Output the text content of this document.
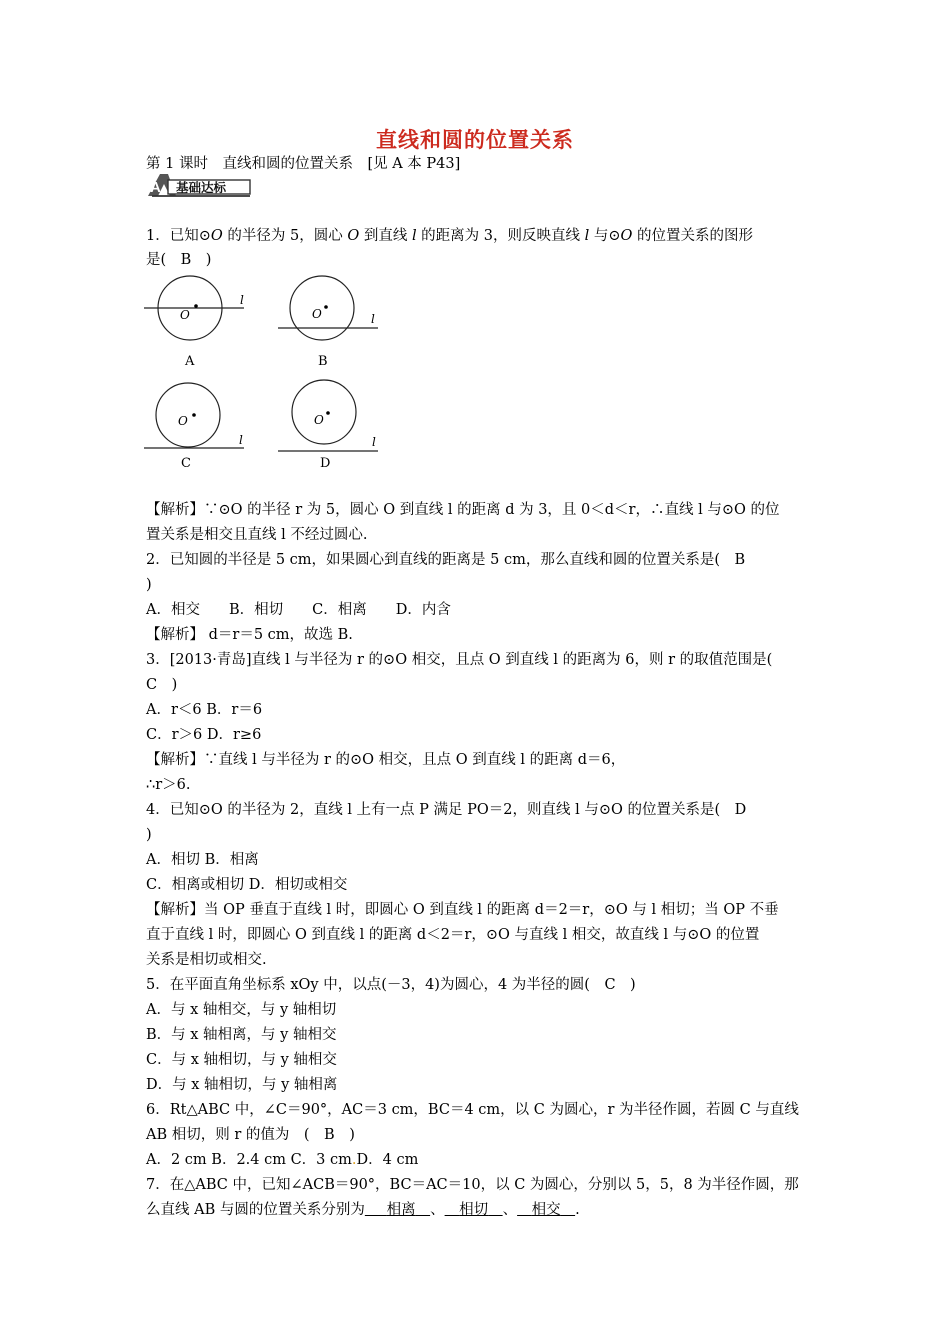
直线和圆的位置关系
第 1 课时　直线和圆的位置关系　[见 A 本 P43]
A 基础达标
1．已知⊙O 的半径为 5，圆心 O 到直线 l 的距离为 3，则反映直线 l 与⊙O 的位置关系的图形
是(　B　)
O
l
A
O	l
B
O
l
C
O
l
D
【解析】∵⊙O 的半径 r 为 5，圆心 O 到直线 l 的距离 d 为 3，且 0＜d＜r，∴直线 l 与⊙O 的位
置关系是相交且直线 l 不经过圆心.
2．已知圆的半径是 5 cm，如果圆心到直线的距离是 5 cm，那么直线和圆的位置关系是(　B
)
A．相交　　B．相切　　C．相离　　D．内含
【解析】 d＝r＝5 cm，故选 B.
3．[2013·青岛]直线 l 与半径为 r 的⊙O 相交，且点 O 到直线 l 的距离为 6，则 r 的取值范围是(
C　)
A．r＜6 B．r＝6
C．r＞6 D．r≥6
【解析】∵直线 l 与半径为 r 的⊙O 相交，且点 O 到直线 l 的距离 d＝6，
∴r＞6.
4．已知⊙O 的半径为 2，直线 l 上有一点 P 满足 PO＝2，则直线 l 与⊙O 的位置关系是(　D
)
A．相切 B．相离
C．相离或相切 D．相切或相交
【解析】当 OP 垂直于直线 l 时，即圆心 O 到直线 l 的距离 d＝2＝r，⊙O 与 l 相切；当 OP 不垂
直于直线 l 时，即圆心 O 到直线 l 的距离 d＜2＝r，⊙O 与直线 l 相交，故直线 l 与⊙O 的位置
关系是相切或相交.
5．在平面直角坐标系 xOy 中，以点(－3，4)为圆心，4 为半径的圆(　C　)
A．与 x 轴相交，与 y 轴相切
B．与 x 轴相离，与 y 轴相交
C．与 x 轴相切，与 y 轴相交
D．与 x 轴相切，与 y 轴相离
6．Rt△ABC 中，∠C＝90°，AC＝3 cm，BC＝4 cm，以 C 为圆心，r 为半径作圆，若圆 C 与直线
AB 相切，则 r 的值为　(　B　)
A．2 cm B．2.4 cm C．3 cm.D．4 cm
7．在△ABC 中，已知∠ACB＝90°，BC＝AC＝10，以 C 为圆心，分别以 5，5，8 为半径作圆，那
么直线 AB 与圆的位置关系分别为　  相离　 、   相切　 、   相交   .
